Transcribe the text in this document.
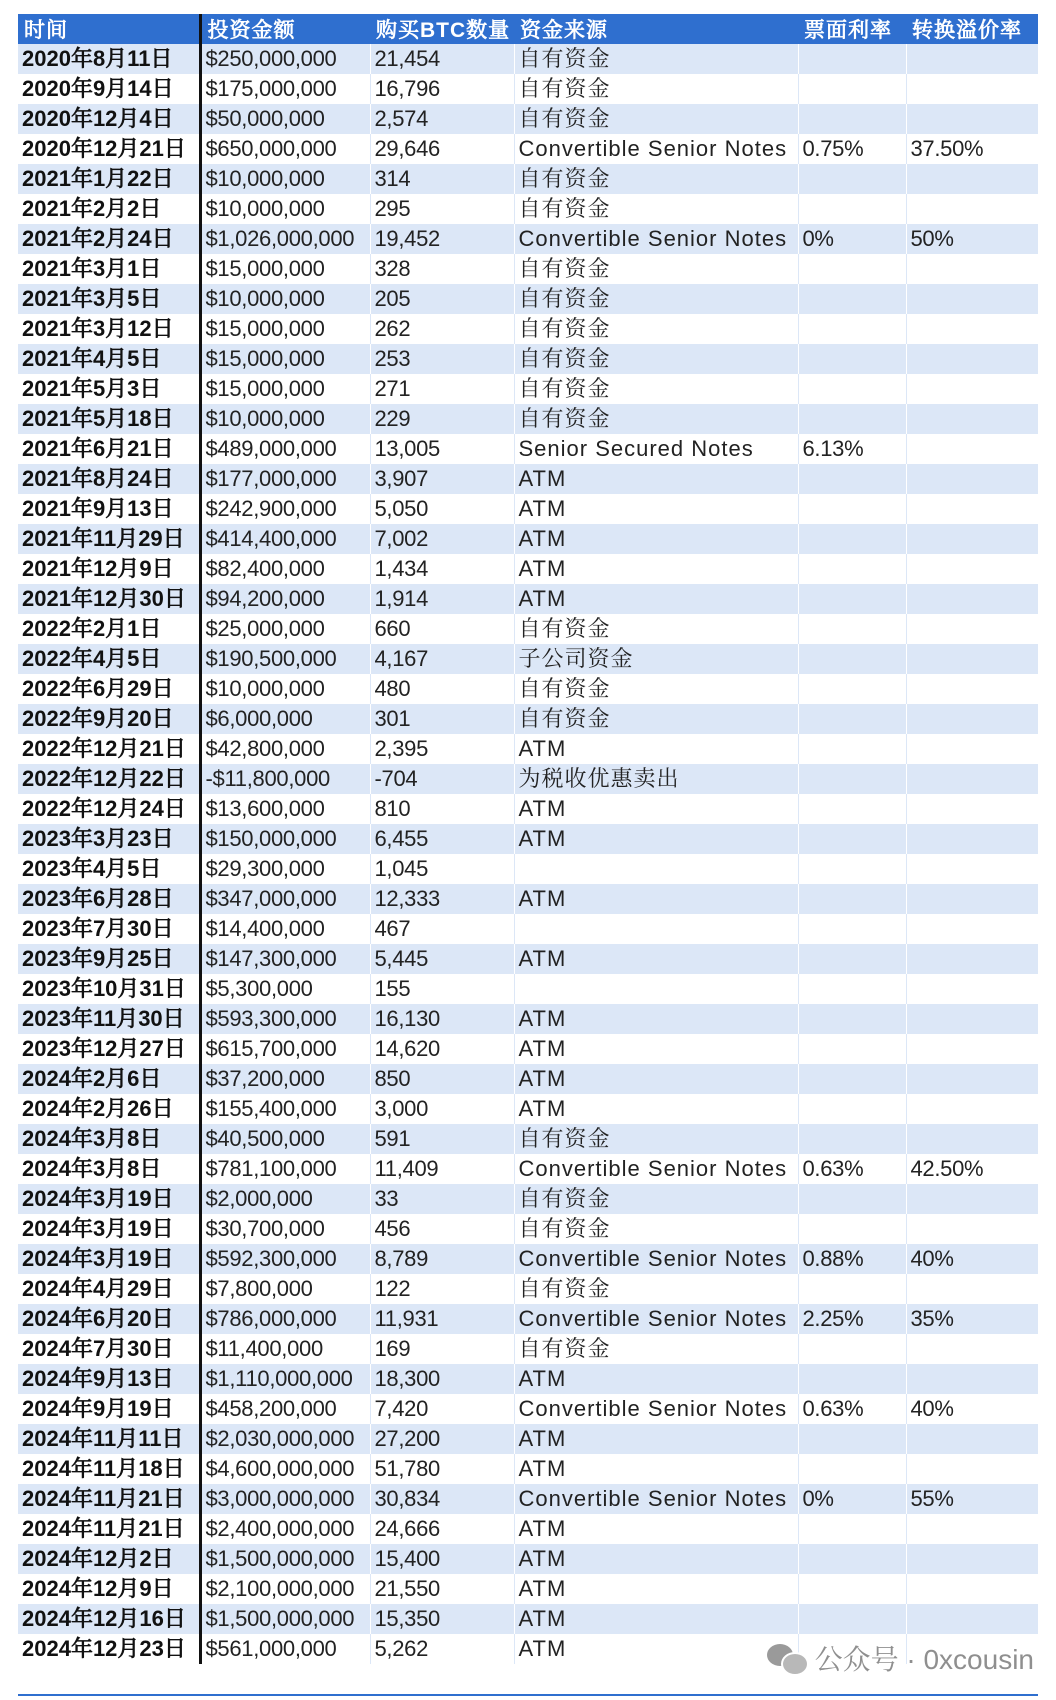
时间	投资金额	购买BTC数量	资金来源	票面利率	转换溢价率
2020年8月11日	$250,000,000	21,454	自有资金		
2020年9月14日	$175,000,000	16,796	自有资金		
2020年12月4日	$50,000,000	2,574	自有资金		
2020年12月21日	$650,000,000	29,646	Convertible Senior Notes	0.75%	37.50%
2021年1月22日	$10,000,000	314	自有资金		
2021年2月2日	$10,000,000	295	自有资金		
2021年2月24日	$1,026,000,000	19,452	Convertible Senior Notes	0%	50%
2021年3月1日	$15,000,000	328	自有资金		
2021年3月5日	$10,000,000	205	自有资金		
2021年3月12日	$15,000,000	262	自有资金		
2021年4月5日	$15,000,000	253	自有资金		
2021年5月3日	$15,000,000	271	自有资金		
2021年5月18日	$10,000,000	229	自有资金		
2021年6月21日	$489,000,000	13,005	Senior Secured Notes	6.13%	
2021年8月24日	$177,000,000	3,907	ATM		
2021年9月13日	$242,900,000	5,050	ATM		
2021年11月29日	$414,400,000	7,002	ATM		
2021年12月9日	$82,400,000	1,434	ATM		
2021年12月30日	$94,200,000	1,914	ATM		
2022年2月1日	$25,000,000	660	自有资金		
2022年4月5日	$190,500,000	4,167	子公司资金		
2022年6月29日	$10,000,000	480	自有资金		
2022年9月20日	$6,000,000	301	自有资金		
2022年12月21日	$42,800,000	2,395	ATM		
2022年12月22日	-$11,800,000	-704	为税收优惠卖出		
2022年12月24日	$13,600,000	810	ATM		
2023年3月23日	$150,000,000	6,455	ATM		
2023年4月5日	$29,300,000	1,045			
2023年6月28日	$347,000,000	12,333	ATM		
2023年7月30日	$14,400,000	467			
2023年9月25日	$147,300,000	5,445	ATM		
2023年10月31日	$5,300,000	155			
2023年11月30日	$593,300,000	16,130	ATM		
2023年12月27日	$615,700,000	14,620	ATM		
2024年2月6日	$37,200,000	850	ATM		
2024年2月26日	$155,400,000	3,000	ATM		
2024年3月8日	$40,500,000	591	自有资金		
2024年3月8日	$781,100,000	11,409	Convertible Senior Notes	0.63%	42.50%
2024年3月19日	$2,000,000	33	自有资金		
2024年3月19日	$30,700,000	456	自有资金		
2024年3月19日	$592,300,000	8,789	Convertible Senior Notes	0.88%	40%
2024年4月29日	$7,800,000	122	自有资金		
2024年6月20日	$786,000,000	11,931	Convertible Senior Notes	2.25%	35%
2024年7月30日	$11,400,000	169	自有资金		
2024年9月13日	$1,110,000,000	18,300	ATM		
2024年9月19日	$458,200,000	7,420	Convertible Senior Notes	0.63%	40%
2024年11月11日	$2,030,000,000	27,200	ATM		
2024年11月18日	$4,600,000,000	51,780	ATM		
2024年11月21日	$3,000,000,000	30,834	Convertible Senior Notes	0%	55%
2024年11月21日	$2,400,000,000	24,666	ATM		
2024年12月2日	$1,500,000,000	15,400	ATM		
2024年12月9日	$2,100,000,000	21,550	ATM		
2024年12月16日	$1,500,000,000	15,350	ATM		
2024年12月23日	$561,000,000	5,262	ATM			公众号 · 0xcousin
